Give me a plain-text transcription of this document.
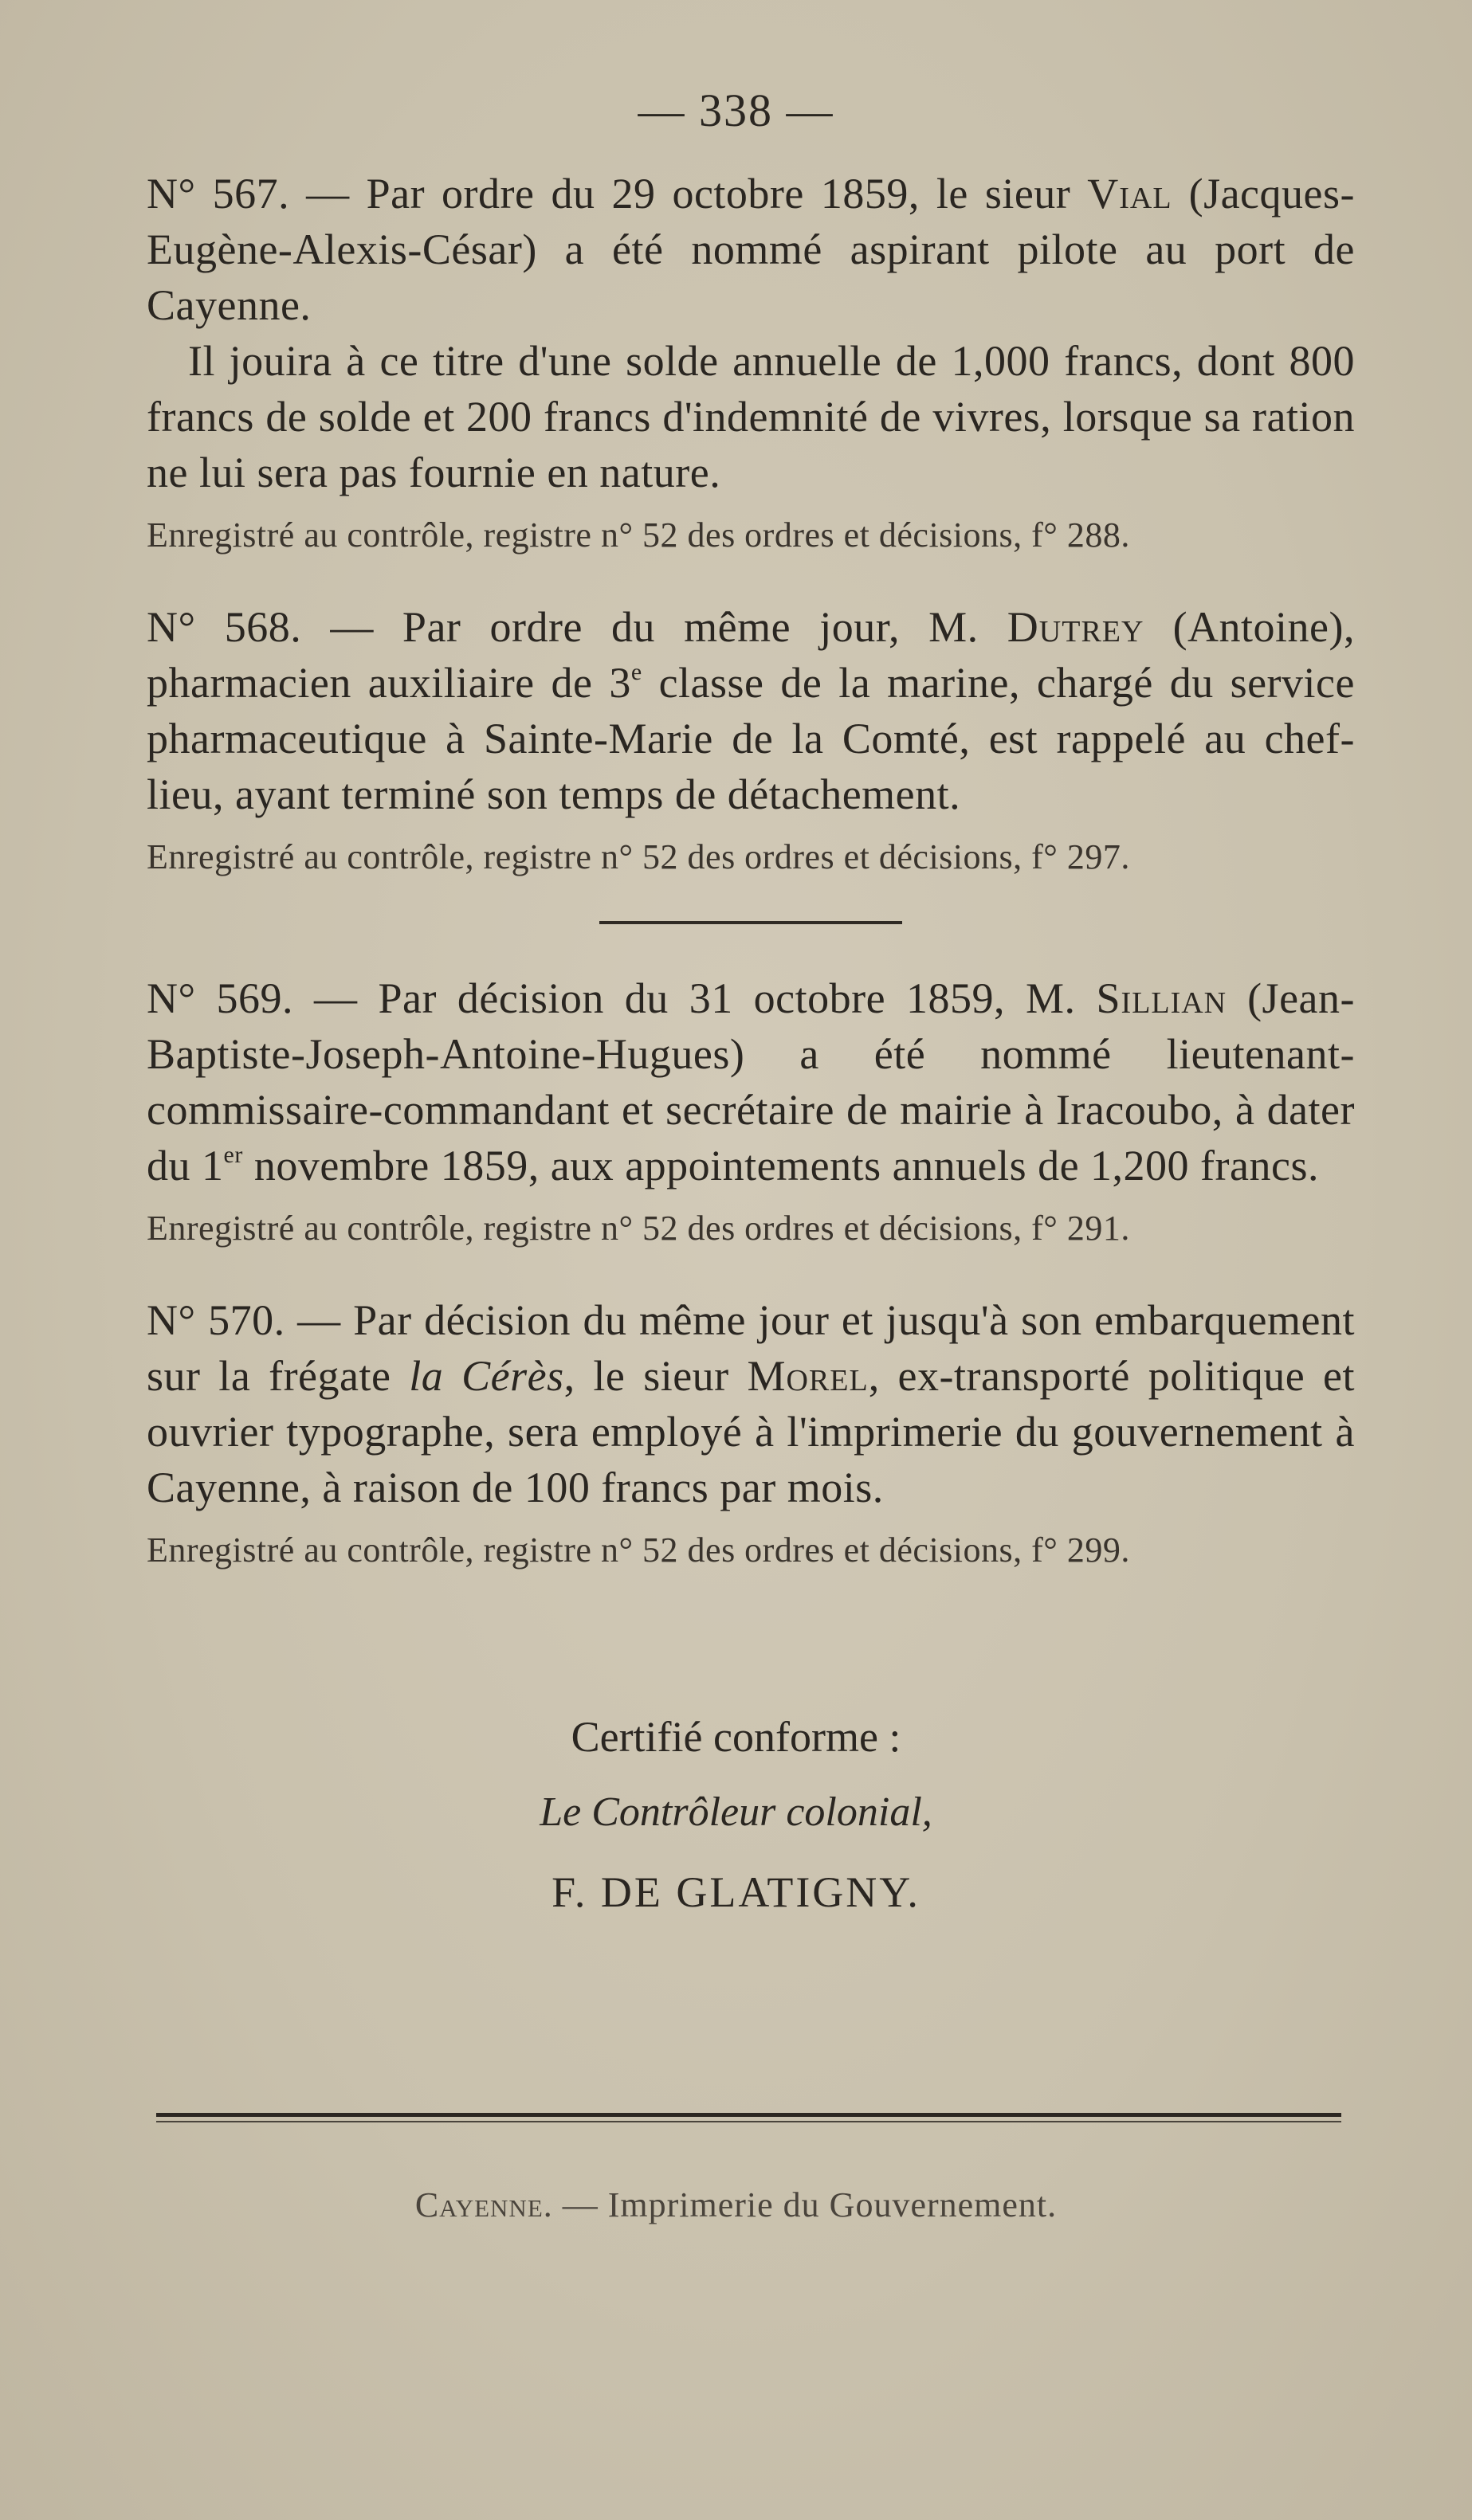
— 338 —

N° 567. — Par ordre du 29 octobre 1859, le sieur Vial (Jacques-Eugène-Alexis-César) a été nommé aspirant pilote au port de Cayenne.

Il jouira à ce titre d'une solde annuelle de 1,000 francs, dont 800 francs de solde et 200 francs d'indemnité de vivres, lorsque sa ration ne lui sera pas fournie en nature.

Enregistré au contrôle, registre n° 52 des ordres et décisions, f° 288.

N° 568. — Par ordre du même jour, M. Dutrey (Antoine), pharmacien auxiliaire de 3e classe de la marine, chargé du service pharmaceutique à Sainte-Marie de la Comté, est rappelé au chef-lieu, ayant terminé son temps de détachement.

Enregistré au contrôle, registre n° 52 des ordres et décisions, f° 297.

N° 569. — Par décision du 31 octobre 1859, M. Sillian (Jean-Baptiste-Joseph-Antoine-Hugues) a été nommé lieutenant-commissaire-commandant et secrétaire de mairie à Iracoubo, à dater du 1er novembre 1859, aux appointements annuels de 1,200 francs.

Enregistré au contrôle, registre n° 52 des ordres et décisions, f° 291.

N° 570. — Par décision du même jour et jusqu'à son embarquement sur la frégate la Cérès, le sieur Morel, ex-transporté politique et ouvrier typographe, sera employé à l'imprimerie du gouvernement à Cayenne, à raison de 100 francs par mois.

Enregistré au contrôle, registre n° 52 des ordres et décisions, f° 299.

Certifié conforme :
Le Contrôleur colonial,
F. DE GLATIGNY.
Cayenne. — Imprimerie du Gouvernement.
